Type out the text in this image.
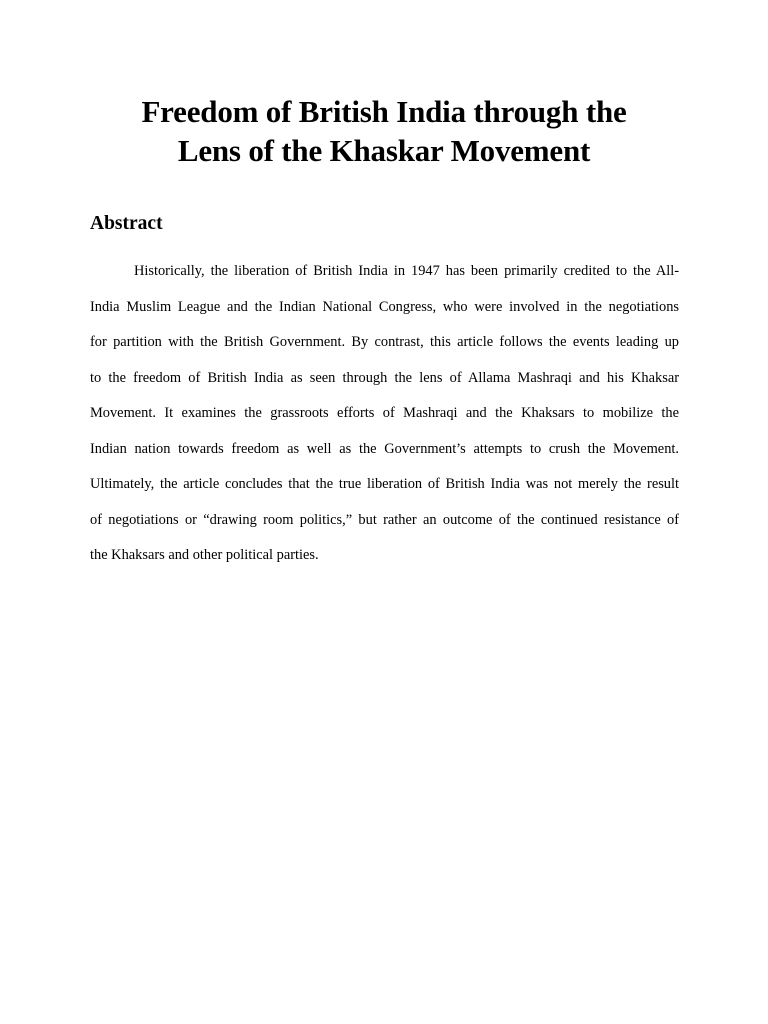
Freedom of British India through the
Lens of the Khaskar Movement
Abstract
Historically, the liberation of British India in 1947 has been primarily credited to the All-
India Muslim League and the Indian National Congress, who were involved in the negotiations
for partition with the British Government. By contrast, this article follows the events leading up
to the freedom of British India as seen through the lens of Allama Mashraqi and his Khaksar
Movement. It examines the grassroots efforts of Mashraqi and the Khaksars to mobilize the
Indian nation towards freedom as well as the Government’s attempts to crush the Movement.
Ultimately, the article concludes that the true liberation of British India was not merely the result
of negotiations or “drawing room politics,” but rather an outcome of the continued resistance of
the Khaksars and other political parties.
